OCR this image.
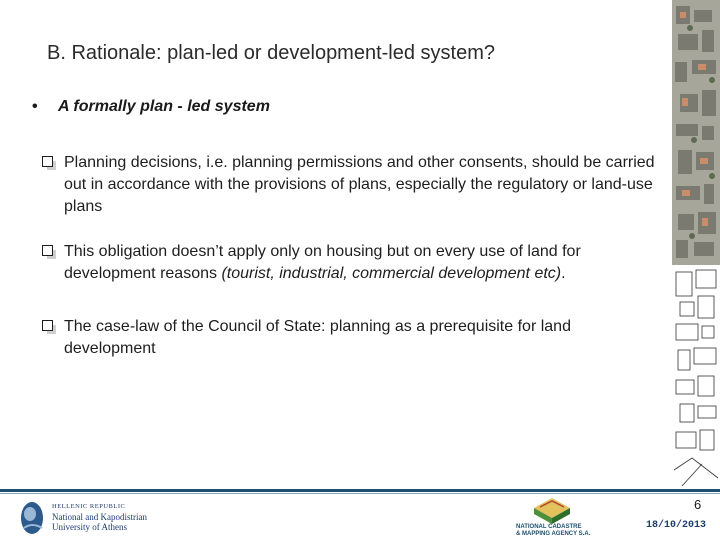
B. Rationale: plan-led or development-led system?
• A formally plan - led system
Planning decisions, i.e. planning permissions and other consents, should be carried out in accordance with the provisions of plans, especially the regulatory or land-use plans
This obligation doesn’t apply only on housing but on every use of land for development reasons (tourist, industrial, commercial development etc).
The case-law of the Council of State: planning as a prerequisite for land development
HELLENIC REPUBLIC
National and Kapodistrian
University of Athens	NATIONAL CADASTRE
& MAPPING AGENCY S.A.
6
18/10/2013
